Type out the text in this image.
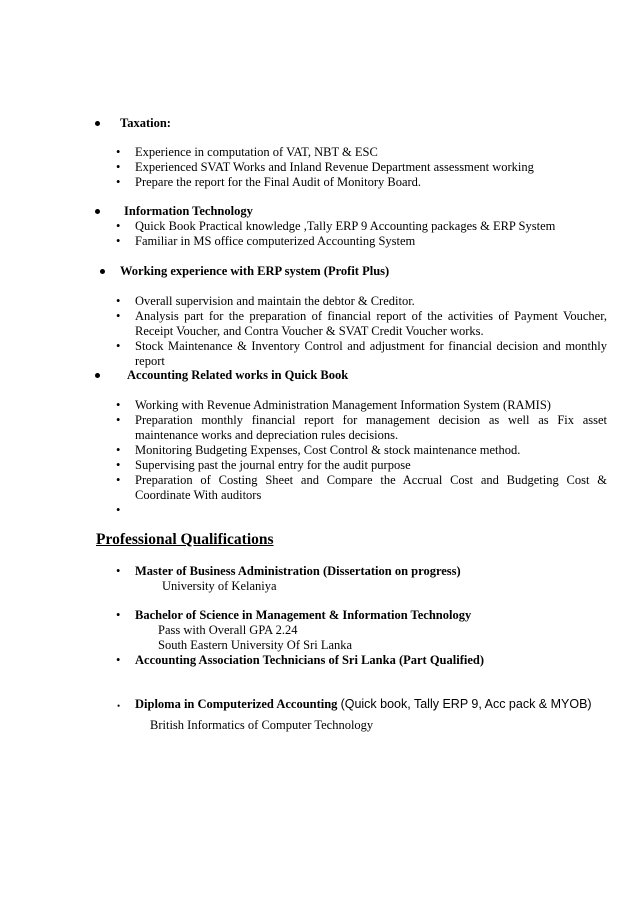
Taxation:
• Experience in computation of VAT, NBT & ESC
• Experienced SVAT Works and Inland Revenue Department assessment working
• Prepare the report for the Final Audit of Monitory Board.
Information Technology
• Quick Book Practical knowledge ,Tally ERP 9 Accounting packages & ERP System
• Familiar in MS office computerized Accounting System
Working experience with ERP system (Profit Plus)
• Overall supervision and maintain the debtor & Creditor.
• Analysis part for the preparation of financial report of the activities of Payment Voucher, Receipt Voucher, and Contra Voucher & SVAT Credit Voucher works.
• Stock Maintenance & Inventory Control and adjustment for financial decision and monthly report
Accounting Related works in Quick Book
• Working with Revenue Administration Management Information System (RAMIS)
• Preparation monthly financial report for management decision as well as Fix asset maintenance works and depreciation rules decisions.
• Monitoring Budgeting Expenses, Cost Control & stock maintenance method.
• Supervising past the journal entry for the audit purpose
• Preparation of Costing Sheet and Compare the Accrual Cost and Budgeting Cost & Coordinate With auditors
•
Professional Qualifications
• Master of Business Administration (Dissertation on progress)
University of Kelaniya
• Bachelor of Science in Management & Information Technology
Pass with Overall GPA 2.24
South Eastern University Of Sri Lanka
• Accounting Association Technicians of Sri Lanka (Part Qualified)
• Diploma in Computerized Accounting (Quick book, Tally ERP 9, Acc pack & MYOB)
British Informatics of Computer Technology
